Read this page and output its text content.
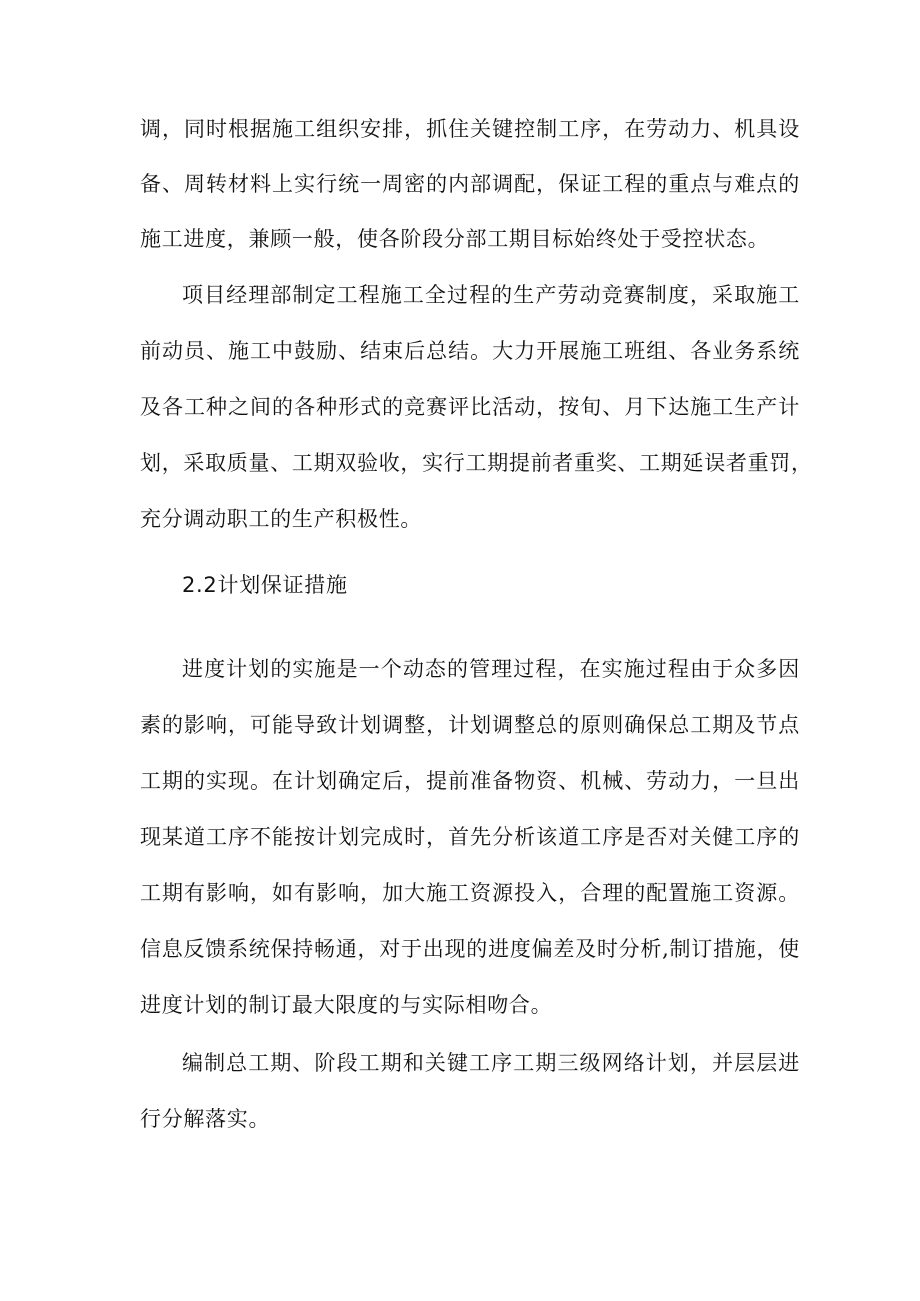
调，同时根据施工组织安排，抓住关键控制工序，在劳动力、机具设
备、周转材料上实行统一周密的内部调配，保证工程的重点与难点的
施工进度，兼顾一般，使各阶段分部工期目标始终处于受控状态。
项目经理部制定工程施工全过程的生产劳动竞赛制度，采取施工
前动员、施工中鼓励、结束后总结。大力开展施工班组、各业务系统
及各工种之间的各种形式的竞赛评比活动，按旬、月下达施工生产计
划，采取质量、工期双验收，实行工期提前者重奖、工期延误者重罚，
充分调动职工的生产积极性。
2.2计划保证措施
进度计划的实施是一个动态的管理过程，在实施过程由于众多因
素的影响，可能导致计划调整，计划调整总的原则确保总工期及节点
工期的实现。在计划确定后，提前准备物资、机械、劳动力，一旦出
现某道工序不能按计划完成时，首先分析该道工序是否对关健工序的
工期有影响，如有影响，加大施工资源投入，合理的配置施工资源。
信息反馈系统保持畅通，对于出现的进度偏差及时分析,制订措施，使
进度计划的制订最大限度的与实际相吻合。
编制总工期、阶段工期和关键工序工期三级网络计划，并层层进
行分解落实。
